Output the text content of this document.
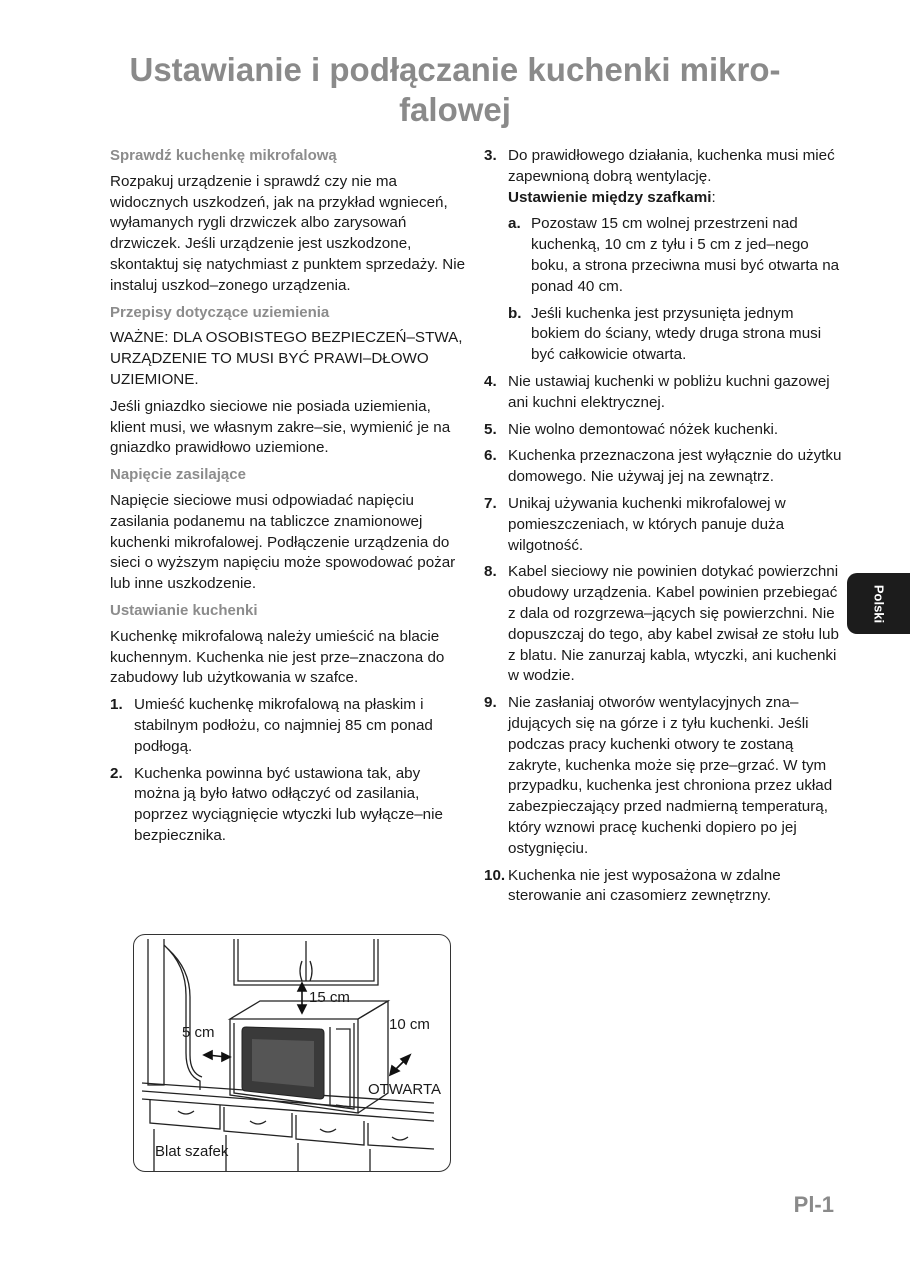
Ustawianie i podłączanie kuchenki mikro-
falowej

Sprawdź kuchenkę mikrofalową

Rozpakuj urządzenie i sprawdź czy nie ma widocznych uszkodzeń, jak na przykład wgnieceń, wyłamanych rygli drzwiczek albo zarysowań drzwiczek. Jeśli urządzenie jest uszkodzone, skontaktuj się natychmiast z punktem sprzedaży. Nie instaluj uszkod–zonego urządzenia.

Przepisy dotyczące uziemienia

WAŻNE: DLA OSOBISTEGO BEZPIECZEŃ–STWA, URZĄDZENIE TO MUSI BYĆ PRAWI–DŁOWO UZIEMIONE.

Jeśli gniazdko sieciowe nie posiada uziemienia, klient musi, we własnym zakre–sie, wymienić je na gniazdko prawidłowo uziemione.

Napięcie zasilające

Napięcie sieciowe musi odpowiadać napięciu zasilania podanemu na tabliczce znamionowej kuchenki mikrofalowej. Podłączenie urządzenia do sieci o wyższym napięciu może spowodować pożar lub inne uszkodzenie.

Ustawianie kuchenki

Kuchenkę mikrofalową należy umieścić na blacie kuchennym. Kuchenka nie jest prze–znaczona do zabudowy lub użytkowania w szafce.

1. Umieść kuchenkę mikrofalową na płaskim i stabilnym podłożu, co najmniej 85 cm ponad podłogą.
2. Kuchenka powinna być ustawiona tak, aby można ją było łatwo odłączyć od zasilania, poprzez wyciągnięcie wtyczki lub wyłącze–nie bezpiecznika.
15 cm
5 cm	10 cm
OTWARTA
Blat szafek
3. Do prawidłowego działania, kuchenka musi mieć zapewnioną dobrą wentylację.
Ustawienie między szafkami:
a. Pozostaw 15 cm wolnej przestrzeni nad kuchenką, 10 cm z tyłu i 5 cm z jed–nego boku, a strona przeciwna musi być otwarta na ponad 40 cm.
b. Jeśli kuchenka jest przysunięta jednym bokiem do ściany, wtedy druga strona musi być całkowicie otwarta.
4. Nie ustawiaj kuchenki w pobliżu kuchni gazowej ani kuchni elektrycznej.
5. Nie wolno demontować nóżek kuchenki.
6. Kuchenka przeznaczona jest wyłącznie do użytku domowego. Nie używaj jej na zewnątrz.
7. Unikaj używania kuchenki mikrofalowej w pomieszczeniach, w których panuje duża wilgotność.
8. Kabel sieciowy nie powinien dotykać powierzchni obudowy urządzenia. Kabel powinien przebiegać z dala od rozgrzewa–jących się powierzchni. Nie dopuszczaj do tego, aby kabel zwisał ze stołu lub z blatu. Nie zanurzaj kabla, wtyczki, ani kuchenki w wodzie.
9. Nie zasłaniaj otworów wentylacyjnych zna–jdujących się na górze i z tyłu kuchenki. Jeśli podczas pracy kuchenki otwory te zostaną zakryte, kuchenka może się prze–grzać. W tym przypadku, kuchenka jest chroniona przez układ zabezpieczający przed nadmierną temperaturą, który wznowi pracę kuchenki dopiero po jej ostygnięciu.
10. Kuchenka nie jest wyposażona w zdalne sterowanie ani czasomierz zewnętrzny.
Polski
Pl-1
